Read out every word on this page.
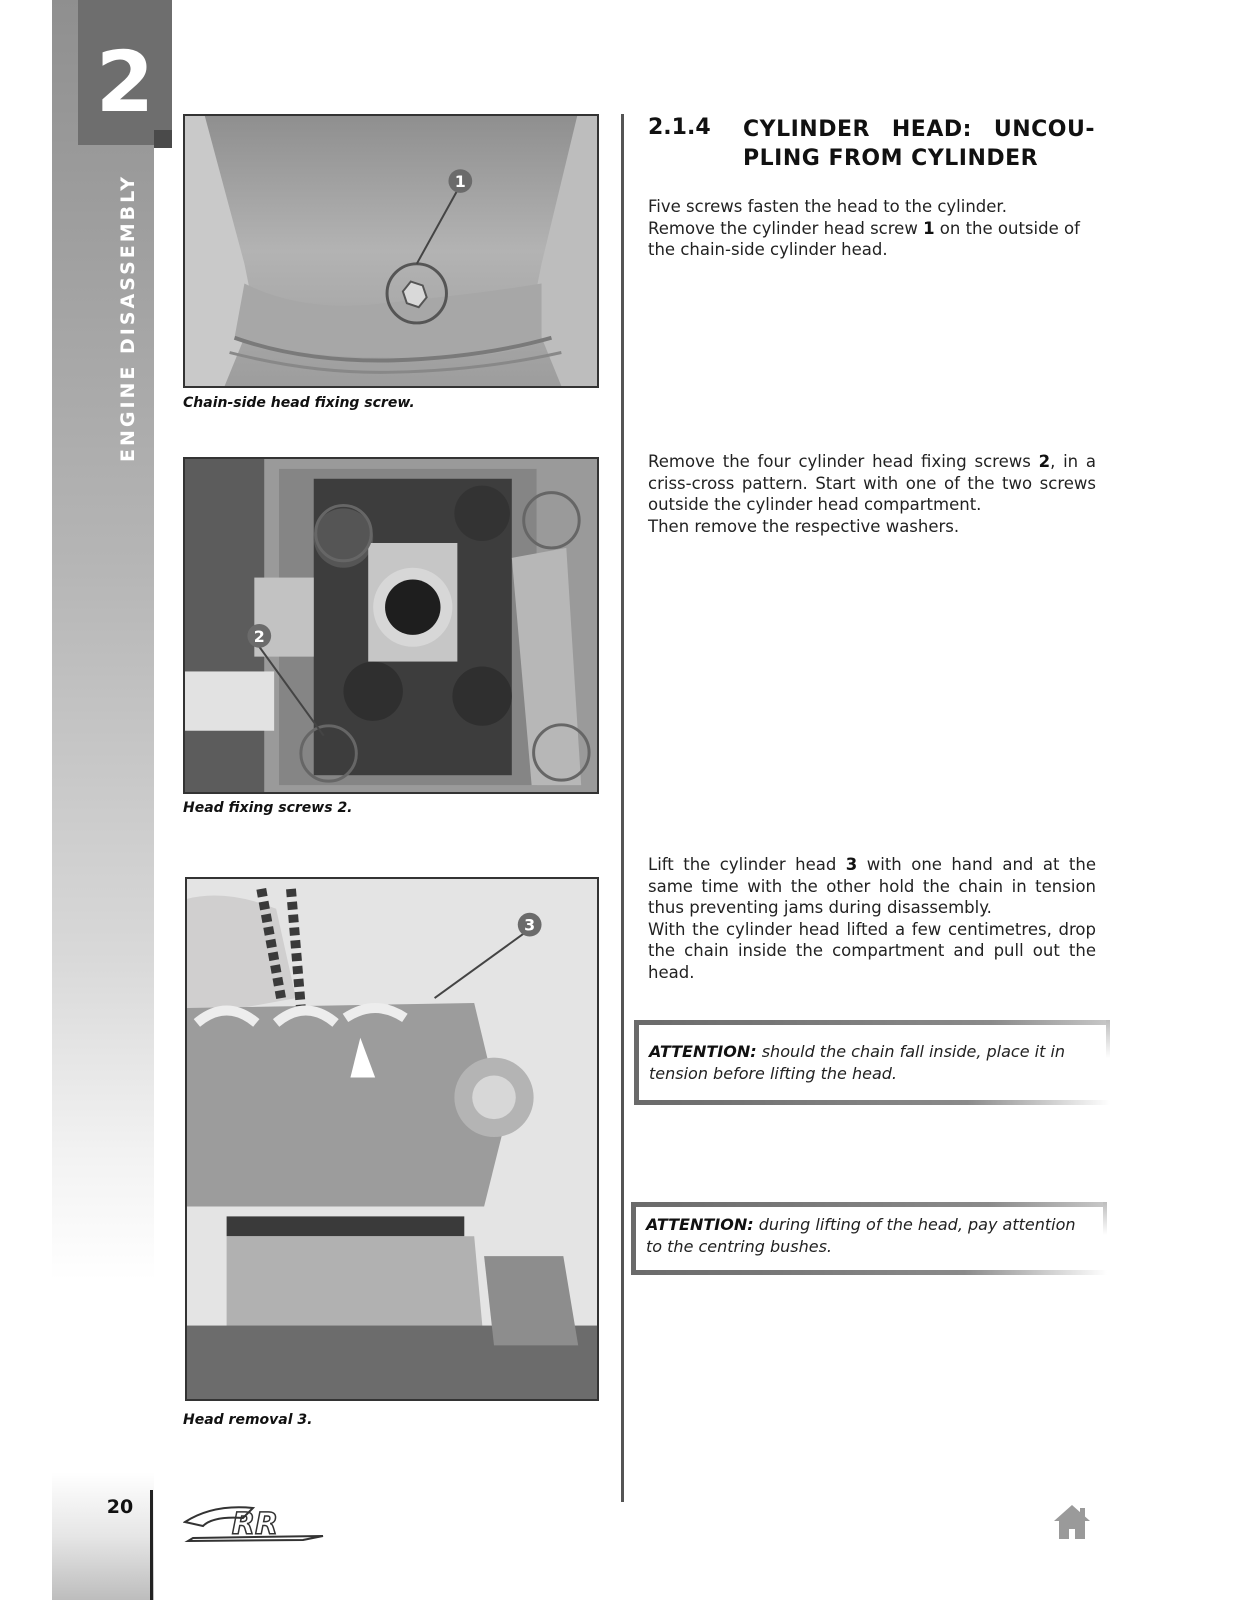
2
ENGINE DISASSEMBLY	1
Chain-side head fixing screw.
2
Head fixing screws 2.
3
Head removal 3.
2.1.4 CYLINDER HEAD: UNCOU-PLING FROM CYLINDER

Five screws fasten the head to the cylinder.

Remove the cylinder head screw 1 on the outside of the chain-side cylinder head.

Remove the four cylinder head fixing screws 2, in a criss-cross pattern. Start with one of the two screws outside the cylinder head compartment.

Then remove the respective washers.

Lift the cylinder head 3 with one hand and at the same time with the other hold the chain in tension thus preventing jams during disassembly.

With the cylinder head lifted a few centimetres, drop the chain inside the compartment and pull out the head.

ATTENTION: should the chain fall inside, place it in tension before lifting the head.
ATTENTION: during lifting of the head, pay attention to the centring bushes.
20	RR
